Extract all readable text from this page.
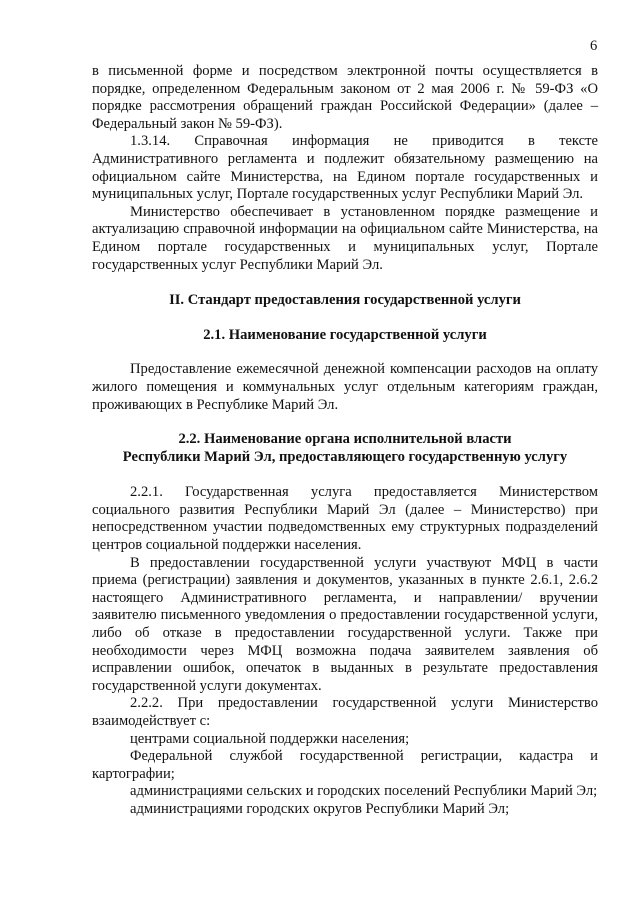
6

в письменной форме и посредством электронной почты осуществляется в порядке, определенном Федеральным законом от 2 мая 2006 г. № 59-ФЗ «О порядке рассмотрения обращений граждан Российской Федерации» (далее – Федеральный закон № 59-ФЗ).

1.3.14. Справочная информация не приводится в тексте Административного регламента и подлежит обязательному размещению на официальном сайте Министерства, на Едином портале государственных и муниципальных услуг, Портале государственных услуг Республики Марий Эл.

Министерство обеспечивает в установленном порядке размещение и актуализацию справочной информации на официальном сайте Министерства, на Едином портале государственных и муниципальных услуг, Портале государственных услуг Республики Марий Эл.

II. Стандарт предоставления государственной услуги

2.1. Наименование государственной услуги

Предоставление ежемесячной денежной компенсации расходов на оплату жилого помещения и коммунальных услуг отдельным категориям граждан, проживающих в Республике Марий Эл.

2.2. Наименование органа исполнительной власти

Республики Марий Эл, предоставляющего государственную услугу

2.2.1. Государственная услуга предоставляется Министерством социального развития Республики Марий Эл (далее – Министерство) при непосредственном участии подведомственных ему структурных подразделений центров социальной поддержки населения.

В предоставлении государственной услуги участвуют МФЦ в части приема (регистрации) заявления и документов, указанных в пункте 2.6.1, 2.6.2 настоящего Административного регламента, и направлении/ вручении заявителю письменного уведомления о предоставлении государственной услуги, либо об отказе в предоставлении государственной услуги. Также при необходимости через МФЦ возможна подача заявителем заявления об исправлении ошибок, опечаток в выданных в результате предоставления государственной услуги документах.

2.2.2. При предоставлении государственной услуги Министерство взаимодействует с:

центрами социальной поддержки населения;

Федеральной службой государственной регистрации, кадастра и картографии;

администрациями сельских и городских поселений Республики Марий Эл;

администрациями городских округов Республики Марий Эл;
